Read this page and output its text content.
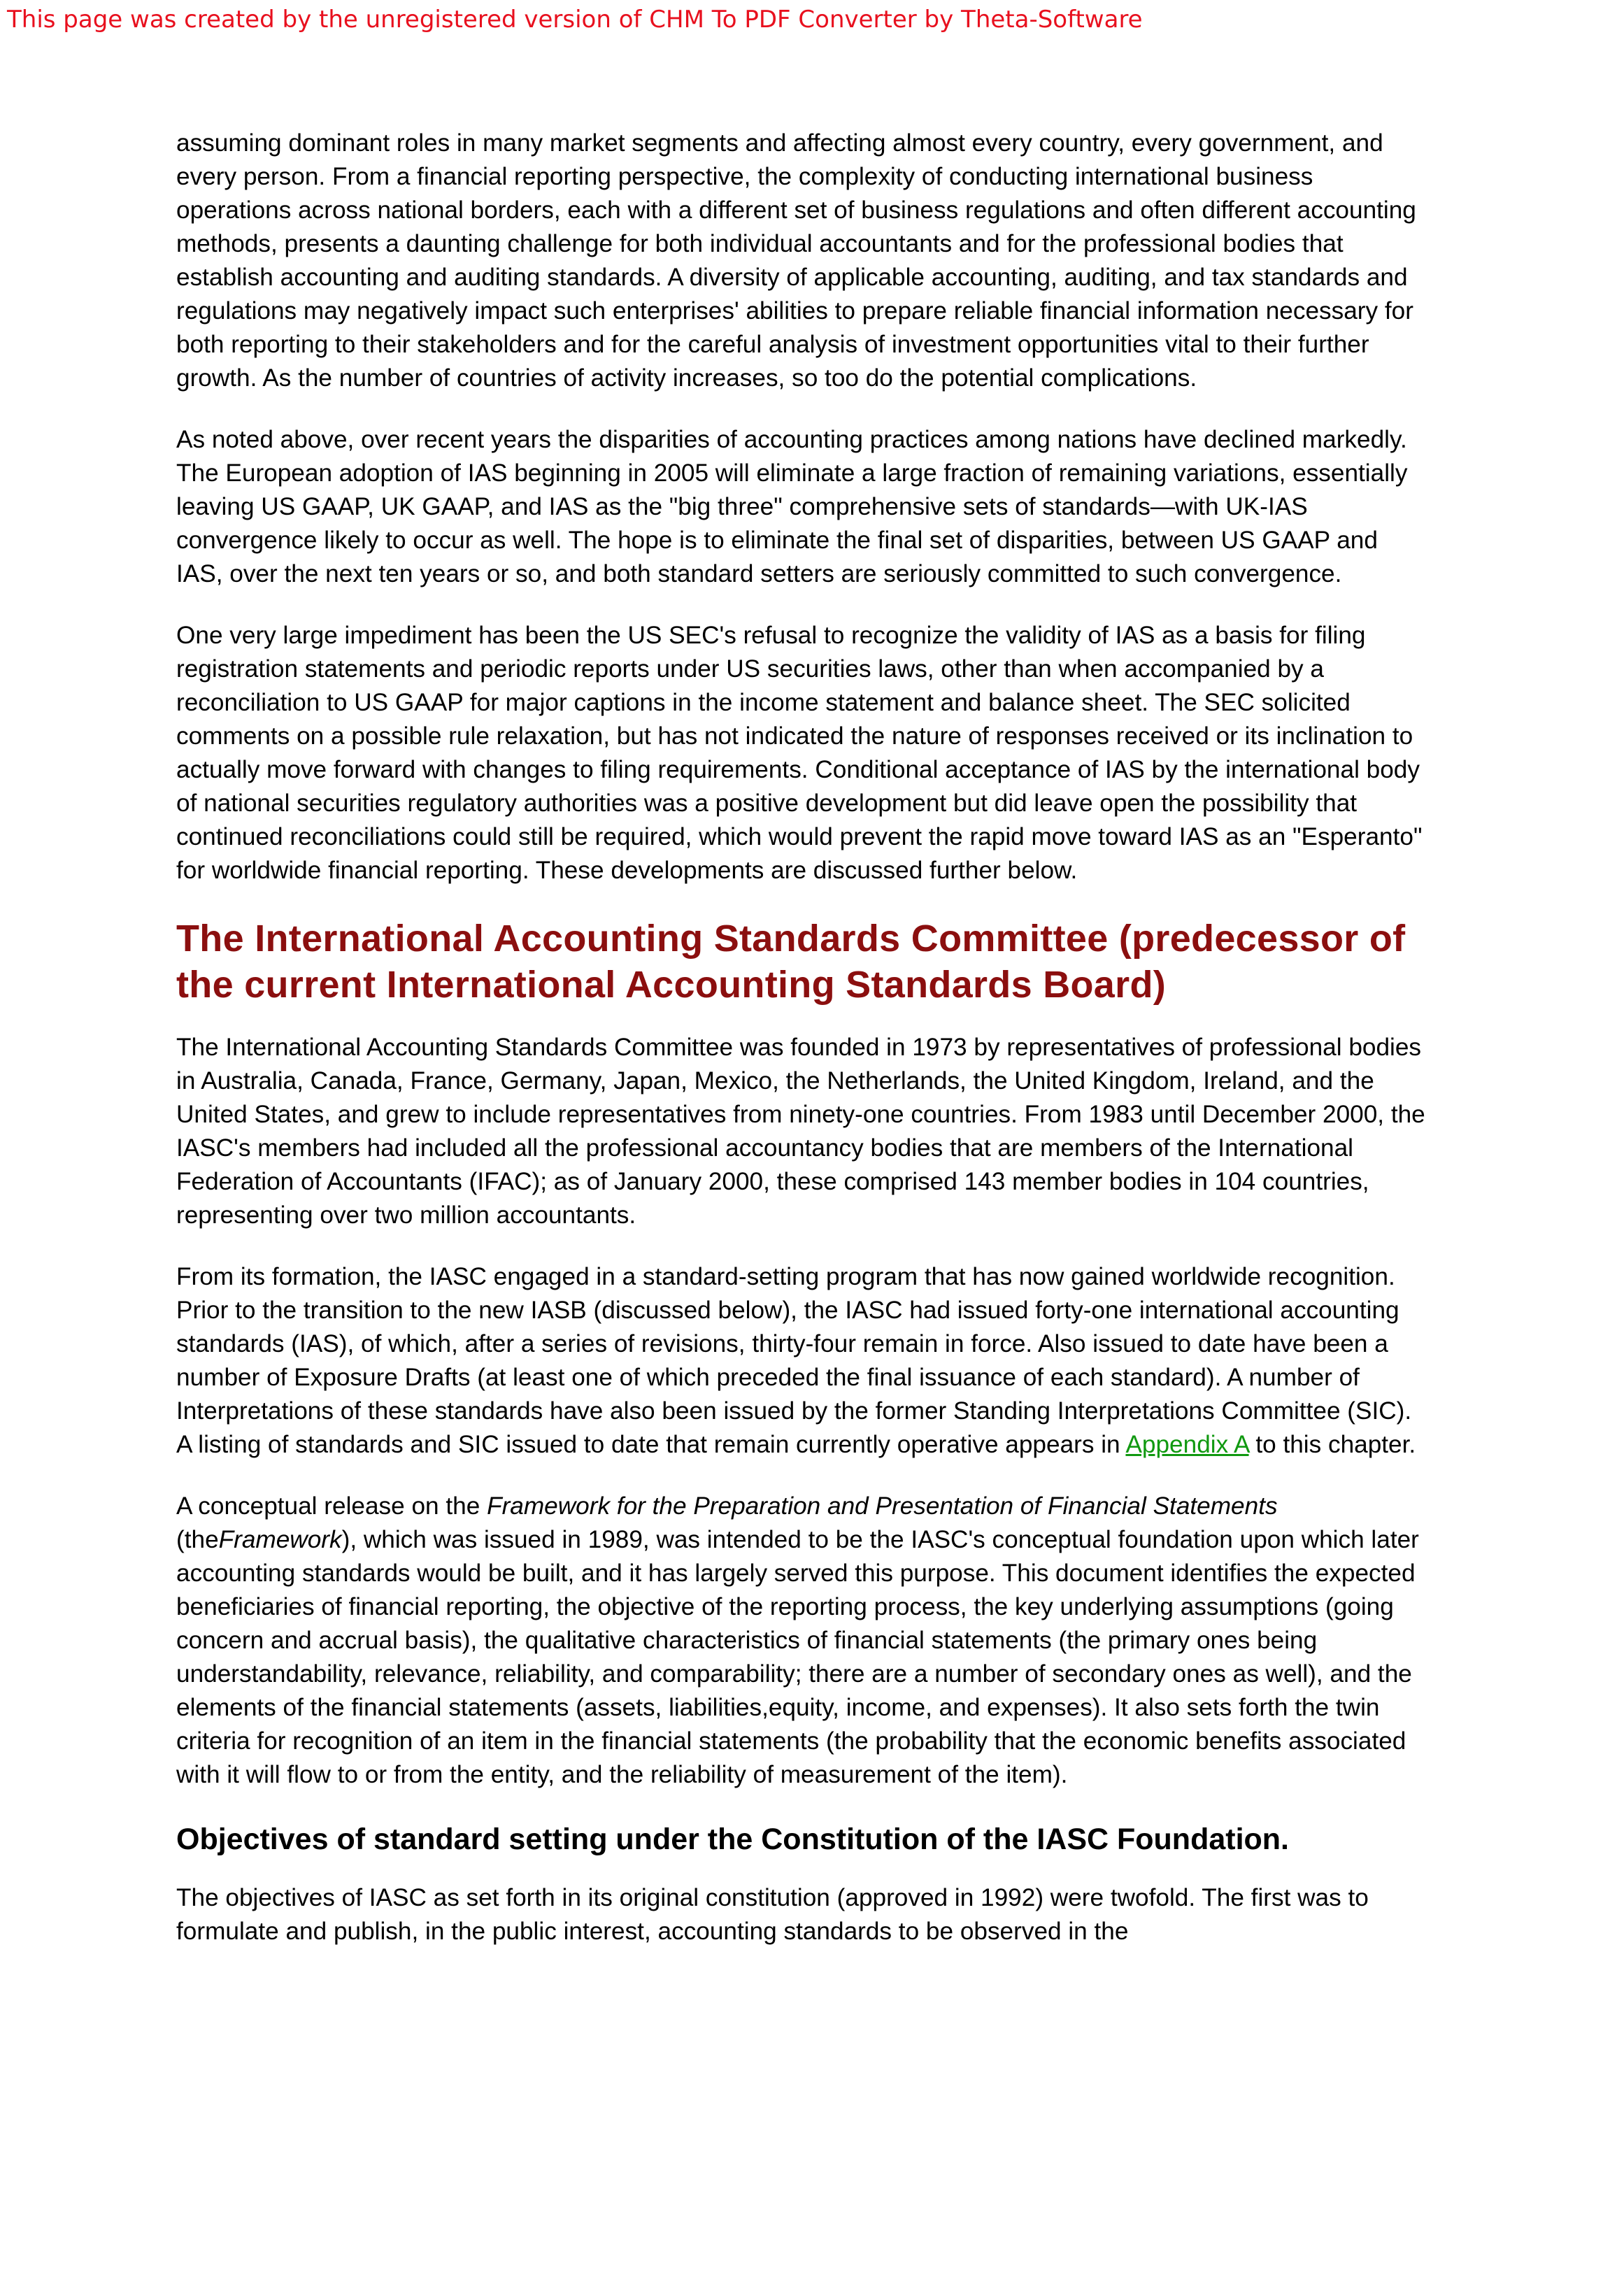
This page was created by the unregistered version of CHM To PDF Converter by Theta-Software

assuming dominant roles in many market segments and affecting almost every country, every government, and every person. From a financial reporting perspective, the complexity of conducting international business operations across national borders, each with a different set of business regulations and often different accounting methods, presents a daunting challenge for both individual accountants and for the professional bodies that establish accounting and auditing standards. A diversity of applicable accounting, auditing, and tax standards and regulations may negatively impact such enterprises' abilities to prepare reliable financial information necessary for both reporting to their stakeholders and for the careful analysis of investment opportunities vital to their further growth. As the number of countries of activity increases, so too do the potential complications.

As noted above, over recent years the disparities of accounting practices among nations have declined markedly. The European adoption of IAS beginning in 2005 will eliminate a large fraction of remaining variations, essentially leaving US GAAP, UK GAAP, and IAS as the "big three" comprehensive sets of standards—with UK-IAS convergence likely to occur as well. The hope is to eliminate the final set of disparities, between US GAAP and IAS, over the next ten years or so, and both standard setters are seriously committed to such convergence.

One very large impediment has been the US SEC's refusal to recognize the validity of IAS as a basis for filing registration statements and periodic reports under US securities laws, other than when accompanied by a reconciliation to US GAAP for major captions in the income statement and balance sheet. The SEC solicited comments on a possible rule relaxation, but has not indicated the nature of responses received or its inclination to actually move forward with changes to filing requirements. Conditional acceptance of IAS by the international body of national securities regulatory authorities was a positive development but did leave open the possibility that continued reconciliations could still be required, which would prevent the rapid move toward IAS as an "Esperanto" for worldwide financial reporting. These developments are discussed further below.

The International Accounting Standards Committee (predecessor of the current International Accounting Standards Board)

The International Accounting Standards Committee was founded in 1973 by representatives of professional bodies in Australia, Canada, France, Germany, Japan, Mexico, the Netherlands, the United Kingdom, Ireland, and the United States, and grew to include representatives from ninety-one countries. From 1983 until December 2000, the IASC's members had included all the professional accountancy bodies that are members of the International Federation of Accountants (IFAC); as of January 2000, these comprised 143 member bodies in 104 countries, representing over two million accountants.

From its formation, the IASC engaged in a standard-setting program that has now gained worldwide recognition. Prior to the transition to the new IASB (discussed below), the IASC had issued forty-one international accounting standards (IAS), of which, after a series of revisions, thirty-four remain in force. Also issued to date have been a number of Exposure Drafts (at least one of which preceded the final issuance of each standard). A number of Interpretations of these standards have also been issued by the former Standing Interpretations Committee (SIC). A listing of standards and SIC issued to date that remain currently operative appears in Appendix A to this chapter.

A conceptual release on the Framework for the Preparation and Presentation of Financial Statements (theFramework), which was issued in 1989, was intended to be the IASC's conceptual foundation upon which later accounting standards would be built, and it has largely served this purpose. This document identifies the expected beneficiaries of financial reporting, the objective of the reporting process, the key underlying assumptions (going concern and accrual basis), the qualitative characteristics of financial statements (the primary ones being understandability, relevance, reliability, and comparability; there are a number of secondary ones as well), and the elements of the financial statements (assets, liabilities,equity, income, and expenses). It also sets forth the twin criteria for recognition of an item in the financial statements (the probability that the economic benefits associated with it will flow to or from the entity, and the reliability of measurement of the item).

Objectives of standard setting under the Constitution of the IASC Foundation.

The objectives of IASC as set forth in its original constitution (approved in 1992) were twofold. The first was to formulate and publish, in the public interest, accounting standards to be observed in the
